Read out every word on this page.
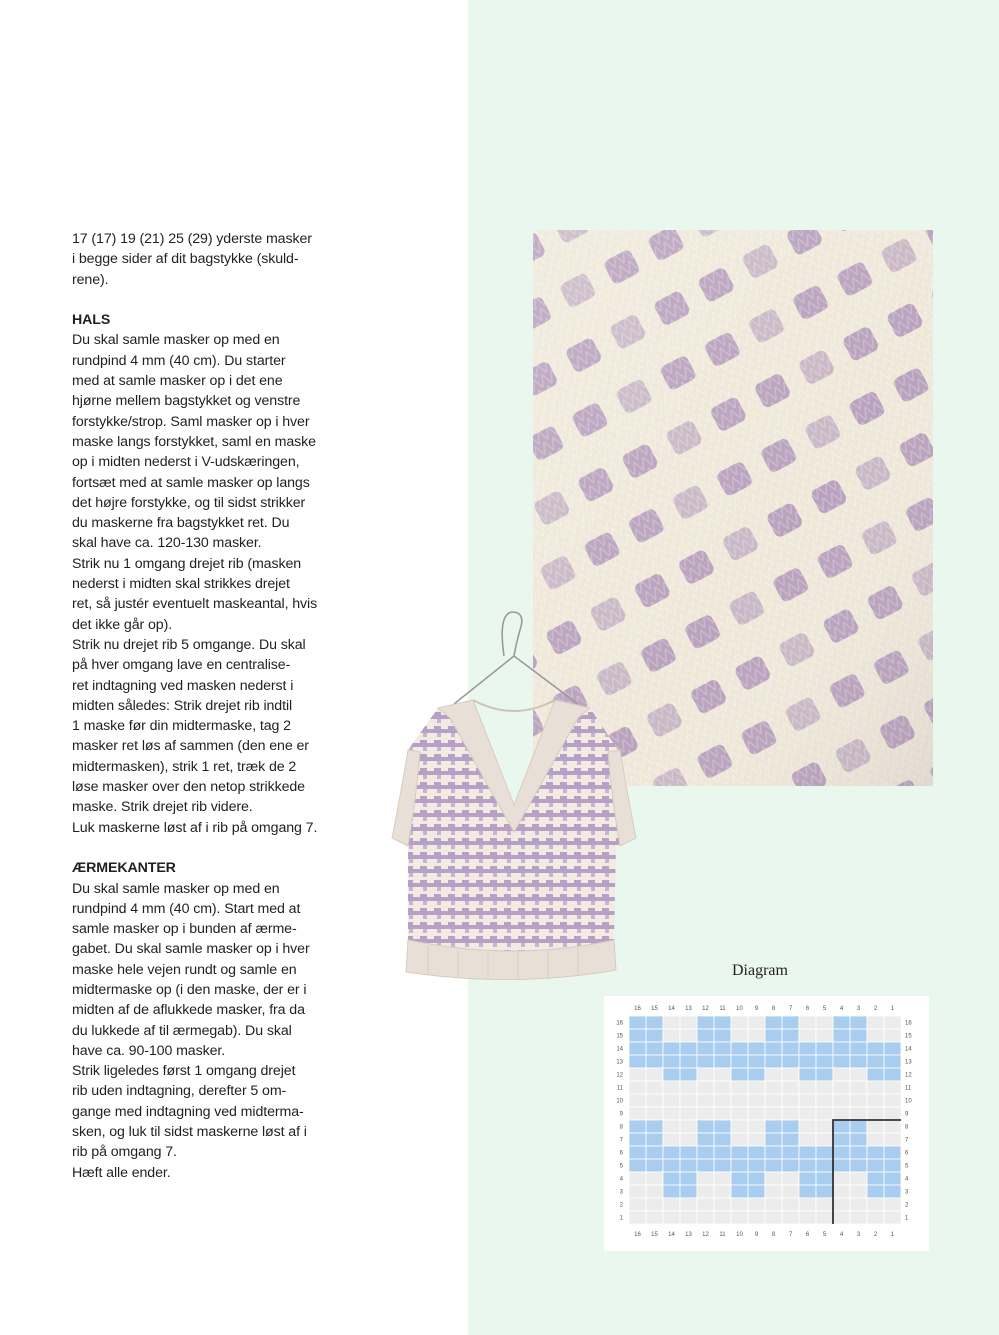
17 (17) 19 (21) 25 (29) yderste masker

i begge sider af dit bagstykke (skuld-

rene).

HALS

Du skal samle masker op med en

rundpind 4 mm (40 cm). Du starter

med at samle masker op i det ene

hjørne mellem bagstykket og venstre

forstykke/strop. Saml masker op i hver

maske langs forstykket, saml en maske

op i midten nederst i V-udskæringen,

fortsæt med at samle masker op langs

det højre forstykke, og til sidst strikker

du maskerne fra bagstykket ret. Du

skal have ca. 120-130 masker.

Strik nu 1 omgang drejet rib (masken

nederst i midten skal strikkes drejet

ret, så justér eventuelt maskeantal, hvis

det ikke går op).

Strik nu drejet rib 5 omgange. Du skal

på hver omgang lave en centralise-

ret indtagning ved masken nederst i

midten således: Strik drejet rib indtil

1 maske før din midtermaske, tag 2

masker ret løs af sammen (den ene er

midtermasken), strik 1 ret, træk de 2

løse masker over den netop strikkede

maske. Strik drejet rib videre.

Luk maskerne løst af i rib på omgang 7.

ÆRMEKANTER

Du skal samle masker op med en

rundpind 4 mm (40 cm). Start med at

samle masker op i bunden af ærme-

gabet. Du skal samle masker op i hver

maske hele vejen rundt og samle en

midtermaske op (i den maske, der er i

midten af de aflukkede masker, fra da

du lukkede af til ærmegab). Du skal

have ca. 90-100 masker.

Strik ligeledes først 1 omgang drejet

rib uden indtagning, derefter 5 om-

gange med indtagning ved midterma-

sken, og luk til sidst maskerne løst af i

rib på omgang 7.

Hæft alle ender.

Diagram
16
16
15
15
14
14
13
13
12
12
11
11
10
10
9
9
8
8
7
7
6
6
5
5
4
4
3
3
2
2
1
1
16	16
15	15
14	14
13	13
12	12
11	11
10	10
9	9
8	8
7	7
6	6
5	5
4	4
3	3
2	2
1	1
